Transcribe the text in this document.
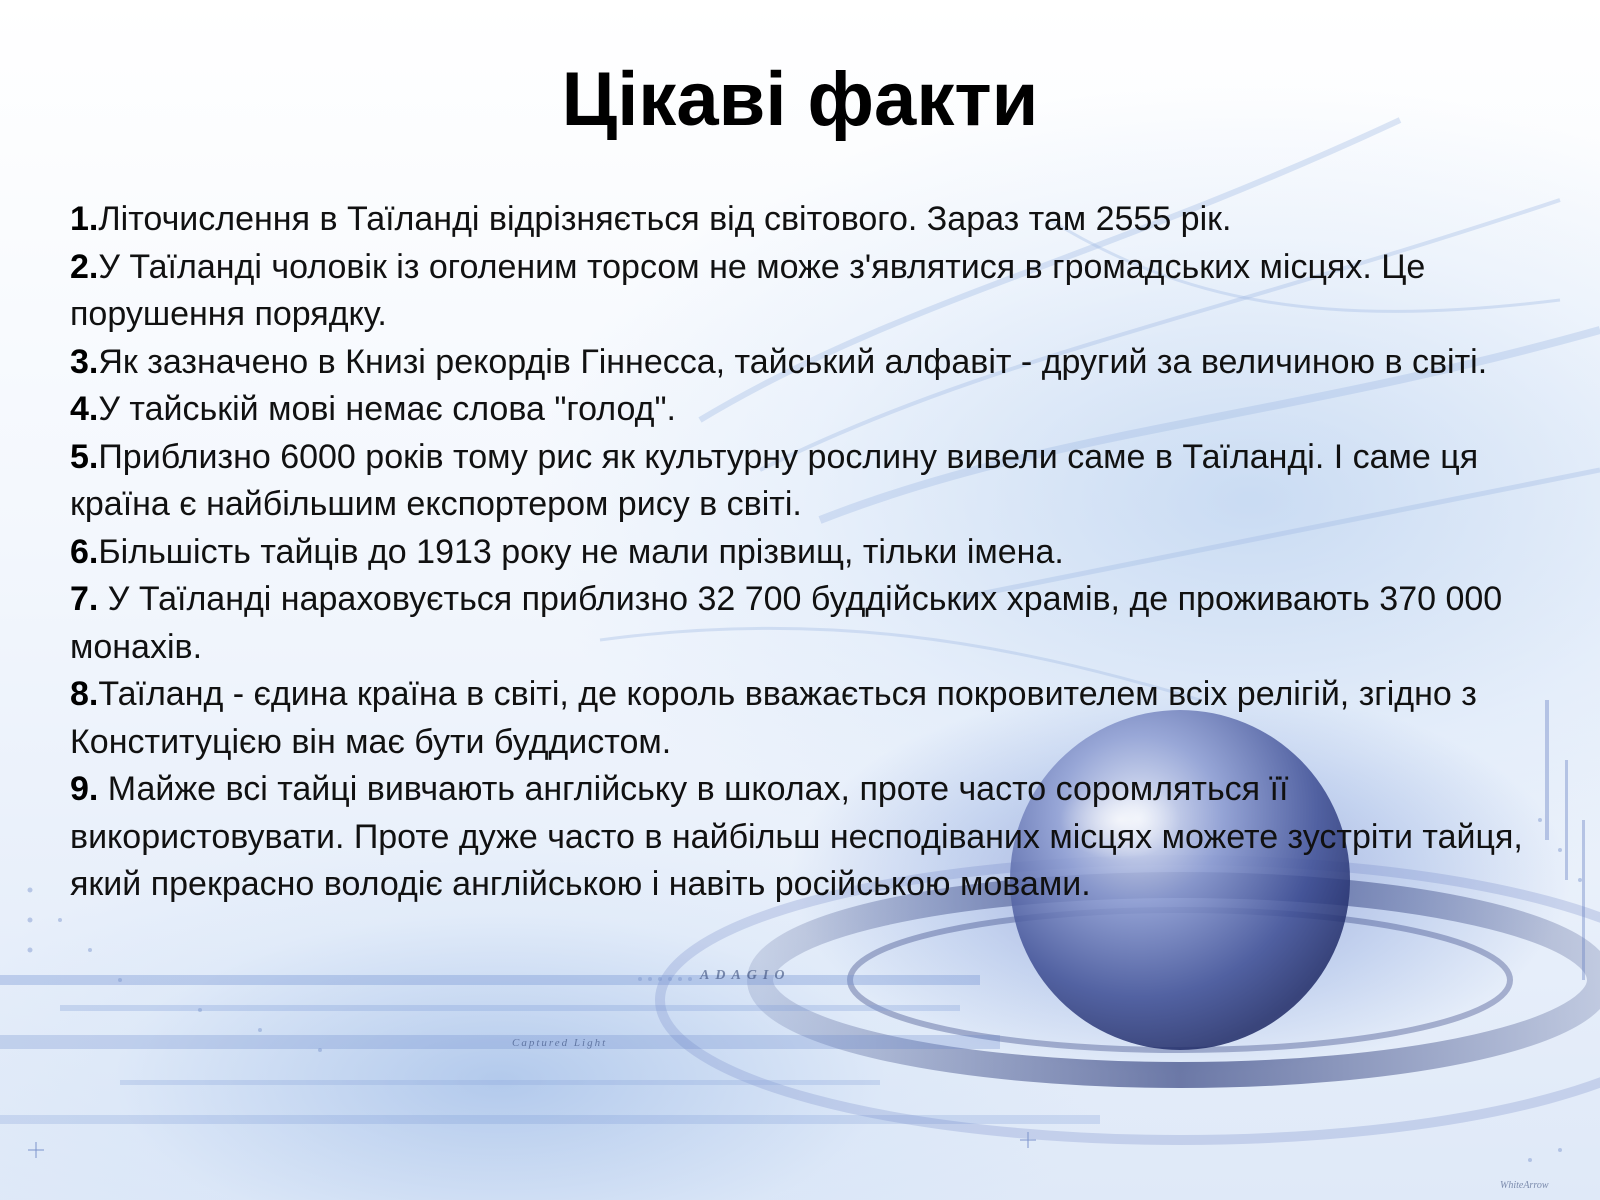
ADAGIO
Captured Light
WhiteArrow
Цікаві факти
1.Літочислення в Таїланді відрізняється від світового. Зараз там 2555 рік.
2.У Таїланді чоловік із оголеним торсом не може з'являтися в громадських місцях. Це порушення порядку.
3.Як зазначено в Книзі рекордів Гіннесса, тайський алфавіт - другий за величиною в світі.
4.У тайській мові немає слова "голод".
5.Приблизно 6000 років тому рис як культурну рослину вивели саме в Таїланді. І саме ця країна є найбільшим експортером рису в світі.
6.Більшість тайців до 1913 року не мали прізвищ, тільки імена.
7. У Таїланді нараховується приблизно 32 700 буддійських храмів, де проживають 370 000 монахів.
8.Таїланд - єдина країна в світі, де король вважається покровителем всіх релігій, згідно з Конституцією він має бути буддистом.
9. Майже всі тайці вивчають англійську в школах, проте часто соромляться її використовувати. Проте дуже часто в найбільш несподіваних місцях можете зустріти тайця, який прекрасно володіє англійською і навіть російською мовами.
